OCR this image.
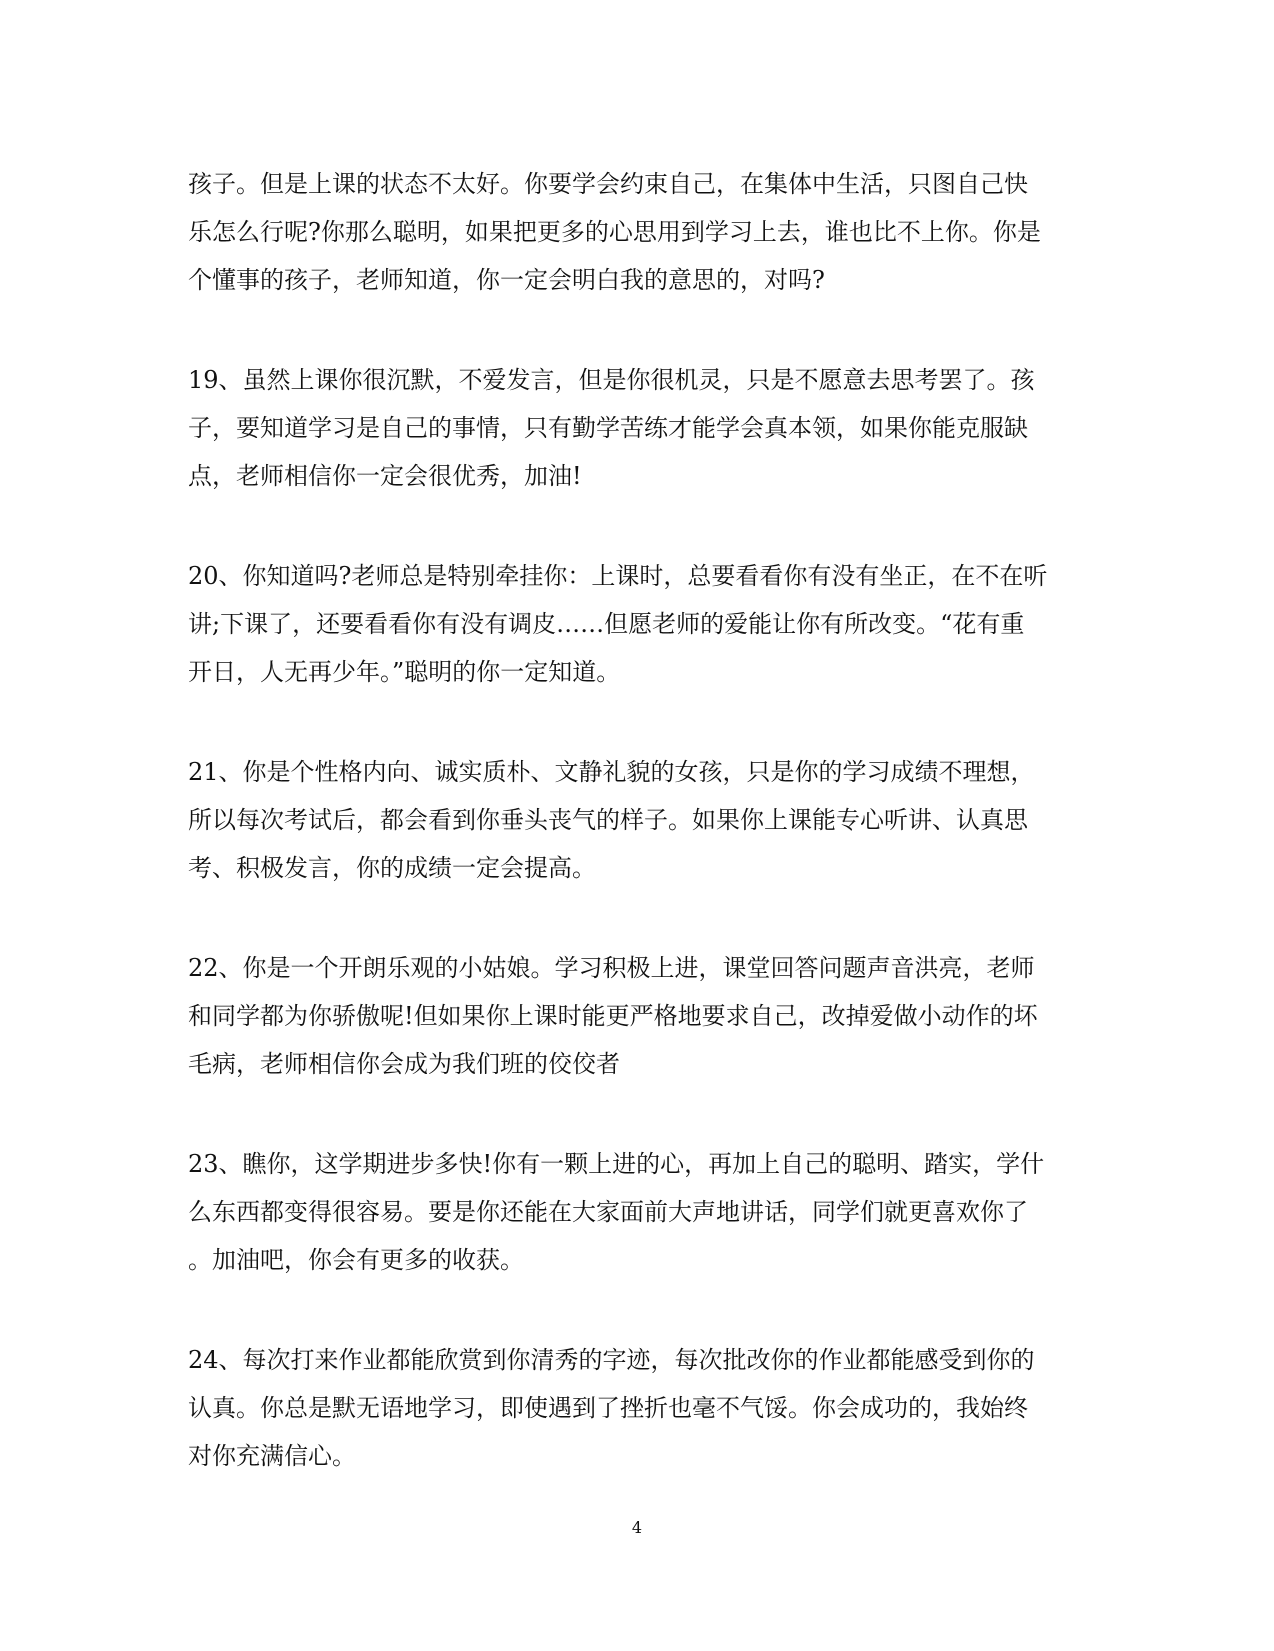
孩子。但是上课的状态不太好。你要学会约束自己，在集体中生活，只图自己快
乐怎么行呢?你那么聪明，如果把更多的心思用到学习上去，谁也比不上你。你是
个懂事的孩子，老师知道，你一定会明白我的意思的，对吗?

19、虽然上课你很沉默，不爱发言，但是你很机灵，只是不愿意去思考罢了。孩
子，要知道学习是自己的事情，只有勤学苦练才能学会真本领，如果你能克服缺
点，老师相信你一定会很优秀，加油!

20、你知道吗?老师总是特别牵挂你：上课时，总要看看你有没有坐正，在不在听
讲;下课了，还要看看你有没有调皮……但愿老师的爱能让你有所改变。“花有重
开日，人无再少年。”聪明的你一定知道。

21、你是个性格内向、诚实质朴、文静礼貌的女孩，只是你的学习成绩不理想，
所以每次考试后，都会看到你垂头丧气的样子。如果你上课能专心听讲、认真思
考、积极发言，你的成绩一定会提高。

22、你是一个开朗乐观的小姑娘。学习积极上进，课堂回答问题声音洪亮，老师
和同学都为你骄傲呢!但如果你上课时能更严格地要求自己，改掉爱做小动作的坏
毛病，老师相信你会成为我们班的佼佼者

23、瞧你，这学期进步多快!你有一颗上进的心，再加上自己的聪明、踏实，学什
么东西都变得很容易。要是你还能在大家面前大声地讲话，同学们就更喜欢你了
。加油吧，你会有更多的收获。

24、每次打来作业都能欣赏到你清秀的字迹，每次批改你的作业都能感受到你的
认真。你总是默无语地学习，即使遇到了挫折也毫不气馁。你会成功的，我始终
对你充满信心。

4
